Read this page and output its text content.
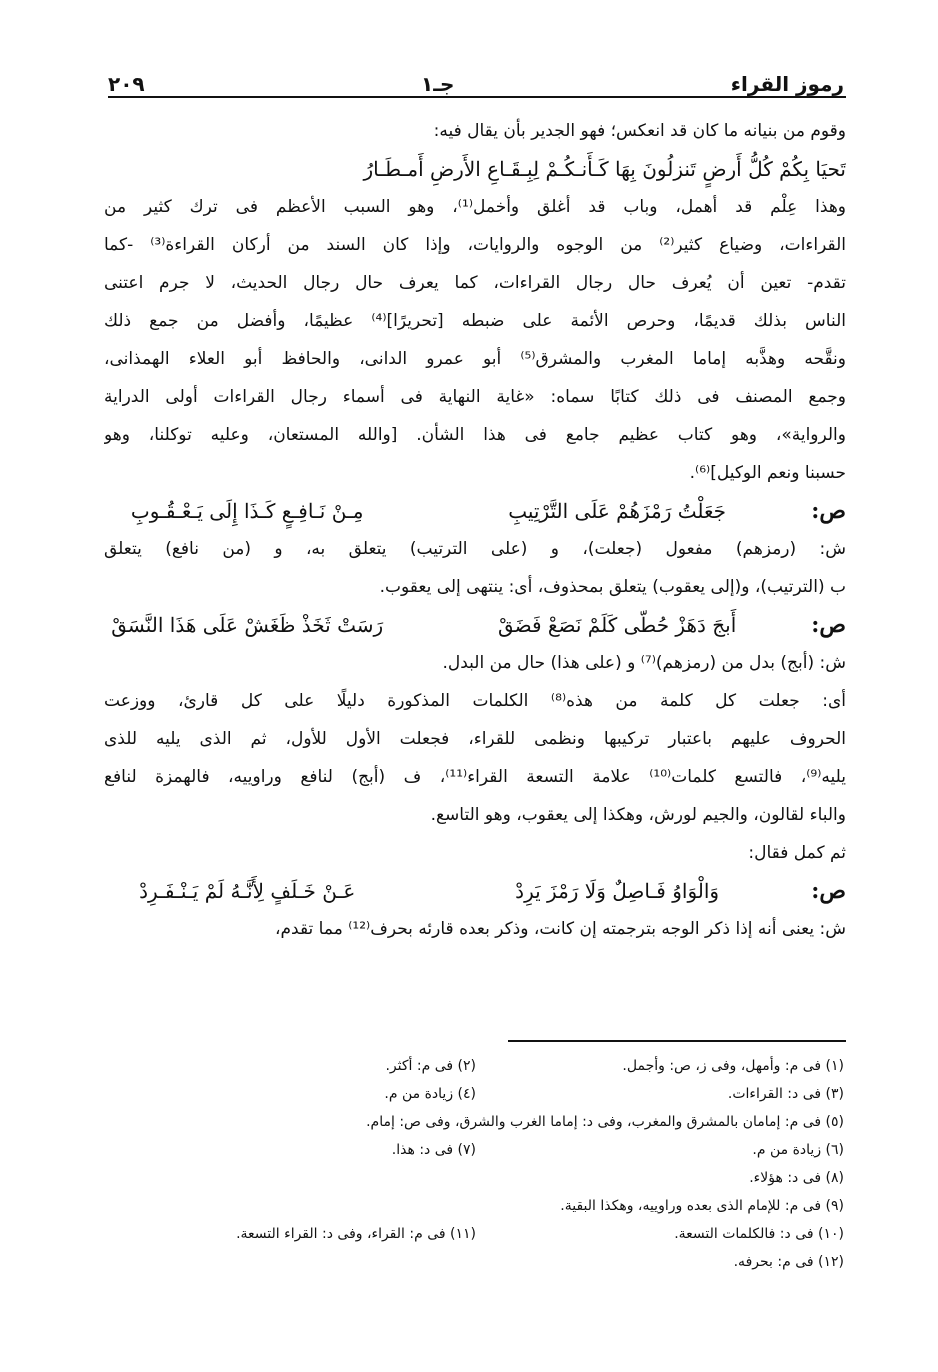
رموز القراء
جـ١
٢٠٩
وقوم من بنيانه ما كان قد انعكس؛ فهو الجدير بأن يقال فيه:
تَحيَا بِكُمْ كُلُّ أَرضٍ تَنزلُونَ بِهَا كَـأَنـكُـمْ لِبِـقَـاعِ الأَرضِ أَمـطَـارُ
وهذا عِلْم قد أهمل، وباب قد أغلق وأخمل⁽¹⁾، وهو السبب الأعظم فى ترك كثير من
القراءات، وضياع كثير⁽²⁾ من الوجوه والروايات، وإذا كان السند من أركان القراءة⁽³⁾ -كما
تقدم- تعين أن يُعرف حال رجال القراءات، كما يعرف حال رجال الحديث، لا جرم اعتنى
الناس بذلك قديمًا، وحرص الأئمة على ضبطه [تحريرًا]⁽⁴⁾ عظيمًا، وأفضل من جمع ذلك
ونقَّحه وهذَّبه إماما المغرب والمشرق⁽⁵⁾ أبو عمرو الدانى، والحافظ أبو العلاء الهمذانى،
وجمع المصنف فى ذلك كتابًا سماه: «غاية النهاية فى أسماء رجال القراءات أولى الدراية
والرواية»، وهو كتاب عظيم جامع فى هذا الشأن. [والله المستعان، وعليه توكلنا، وهو
حسبنا ونعم الوكيل]⁽⁶⁾.
ص: جَعَلْتُ رَمْزَهُمْ عَلَى التَّرْتِيبِ مِـنْ نَـافِـعٍ كَـذَا إِلَى يَـعْـقُـوبِ
ش: (رمزهم) مفعول (جعلت)، و (على الترتيب) يتعلق به، و (من نافع) يتعلق
ب (الترتيب)، و(إلى يعقوب) يتعلق بمحذوف، أى: ينتهى إلى يعقوب.
ص: أَبجَ دَهَزْ حُطّى كَلَمْ نَصَعْ فَضَقْ رَسَتْ ثَخَذْ ظَغَشْ عَلَى هَذَا النَّسَقْ
ش: (أبج) بدل من (رمزهم)⁽⁷⁾ و (على هذا) حال من البدل.
أى: جعلت كل كلمة من هذه⁽⁸⁾ الكلمات المذكورة دليلًا على كل قارئ، ووزعت
الحروف عليهم باعتبار تركيبها ونظمى للقراء، فجعلت الأول للأول، ثم الذى يليه للذى
يليه⁽⁹⁾، فالتسع كلمات⁽¹⁰⁾ علامة التسعة القراء⁽¹¹⁾، ف (أبج) لنافع وراوييه، فالهمزة لنافع
والباء لقالون، والجيم لورش، وهكذا إلى يعقوب، وهو التاسع.
ثم كمل فقال:
ص: وَالْوَاوُ فَـاصِلٌ وَلَا رَمْزَ يَرِدْ عَـنْ خَـلَفٍ لِأَنَّـهُ لَمْ يَـنْـفَـرِدْ
ش: يعنى أنه إذا ذكر الوجه بترجمته إن كانت، وذكر بعده قارئه بحرف⁽¹²⁾ مما تقدم،
(١) فى م: وأمهل، وفى ز، ص: وأجمل.
(٢) فى م: أكثر.
(٣) فى د: القراءات.
(٤) زيادة من م.
(٥) فى م: إمامان بالمشرق والمغرب، وفى د: إماما الغرب والشرق، وفى ص: إمام.
(٦) زيادة من م.
(٧) فى د: هذا.
(٨) فى د: هؤلاء.
(٩) فى م: للإمام الذى بعده وراوييه، وهكذا البقية.
(١٠) فى د: فالكلمات التسعة.
(١١) فى م: القراء، وفى د: القراء التسعة.
(١٢) فى م: بحرفه.
